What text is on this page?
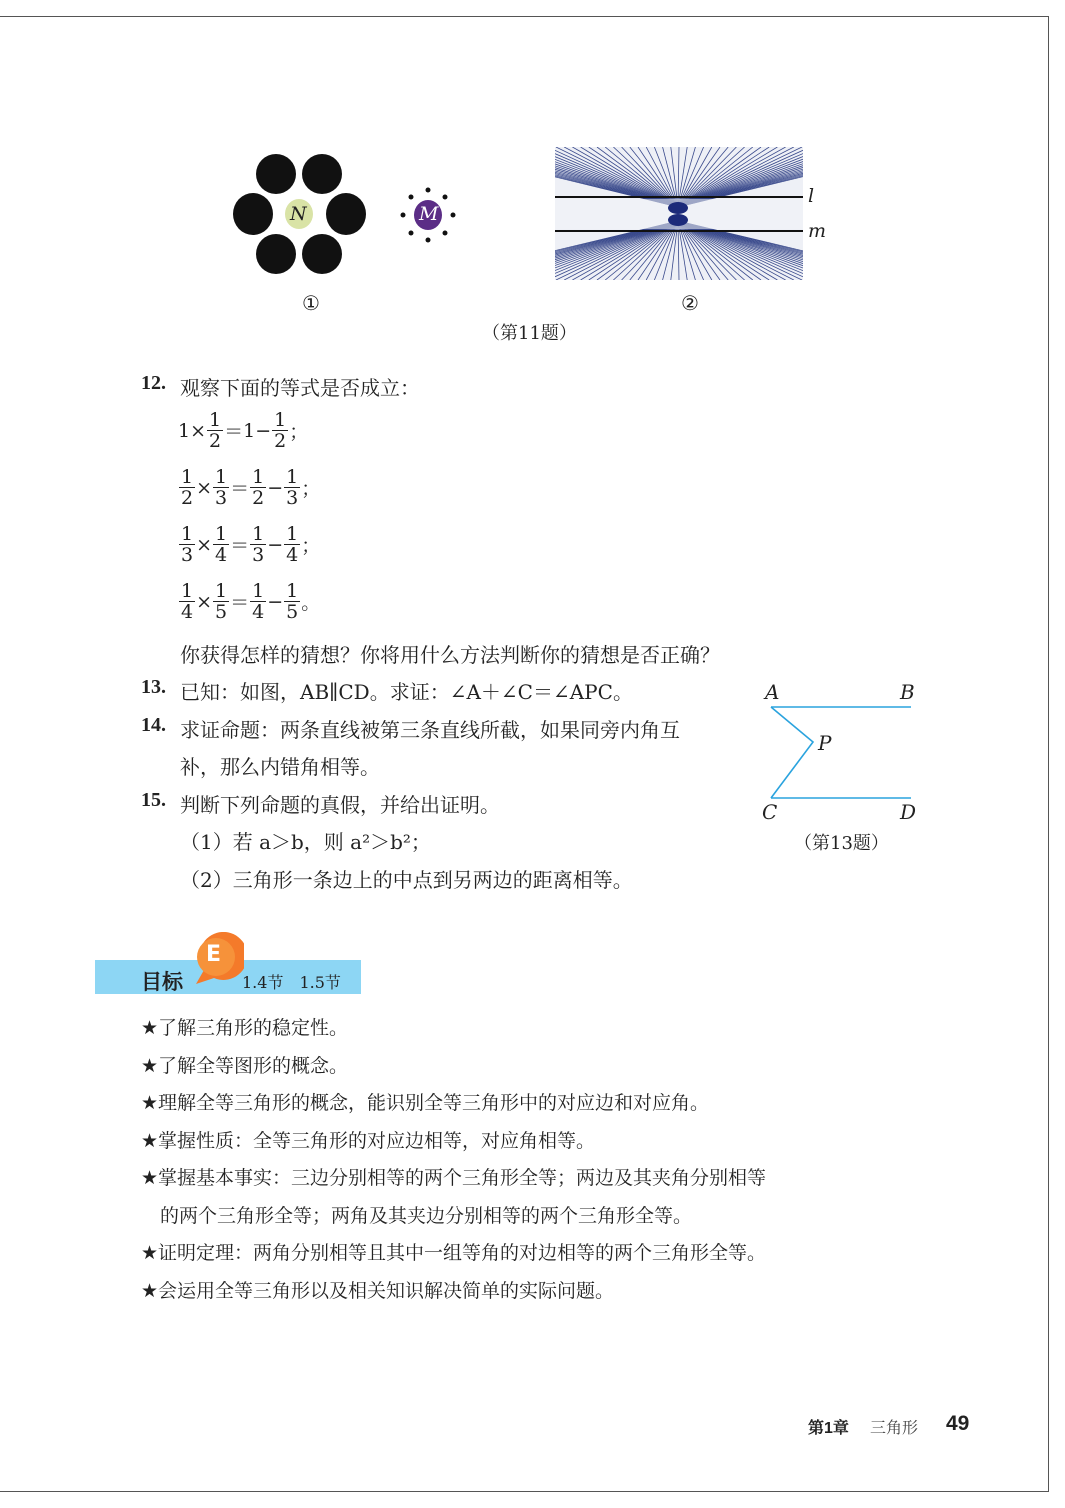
N	M
l
m
①	②
（第11题）
12. 观察下面的等式是否成立：
$1 \times \frac{1}{2} = 1 - \frac{1}{2}$ ；
$\frac{1}{2} \times \frac{1}{3} = \frac{1}{2} - \frac{1}{3}$ ；
$\frac{1}{3} \times \frac{1}{4} = \frac{1}{3} - \frac{1}{4}$ ；
$\frac{1}{4} \times \frac{1}{5} = \frac{1}{4} - \frac{1}{5}$ 。
你获得怎样的猜想？你将用什么方法判断你的猜想是否正确？
13. 已知：如图，AB∥CD。求证：∠A＋∠C＝∠APC。	A	B
P
C	D
（第13题）
14. 求证命题：两条直线被第三条直线所截，如果同旁内角互
补，那么内错角相等。
15. 判断下列命题的真假，并给出证明。
（1）若 a＞b，则 a²＞b²；
（2）三角形一条边上的中点到另两边的距离相等。
目标
E
1.4节　1.5节
★了解三角形的稳定性。
★了解全等图形的概念。
★理解全等三角形的概念，能识别全等三角形中的对应边和对应角。
★掌握性质：全等三角形的对应边相等，对应角相等。
★掌握基本事实：三边分别相等的两个三角形全等；两边及其夹角分别相等
　的两个三角形全等；两角及其夹边分别相等的两个三角形全等。
★证明定理：两角分别相等且其中一组等角的对边相等的两个三角形全等。
★会运用全等三角形以及相关知识解决简单的实际问题。
第1章 三角形 49
